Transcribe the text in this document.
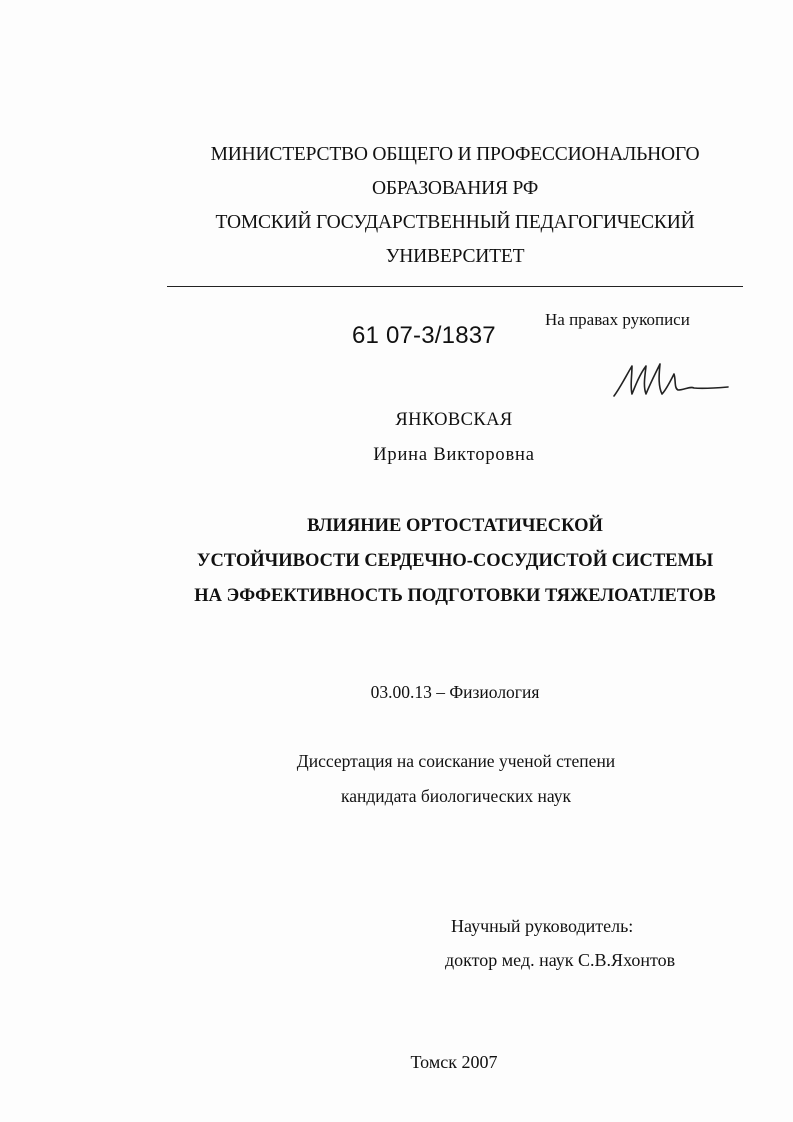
МИНИСТЕРСТВО ОБЩЕГО И ПРОФЕССИОНАЛЬНОГО
ОБРАЗОВАНИЯ РФ
ТОМСКИЙ ГОСУДАРСТВЕННЫЙ ПЕДАГОГИЧЕСКИЙ
УНИВЕРСИТЕТ
61 07-3/1837
На правах рукописи
ЯНКОВСКАЯ
Ирина Викторовна
ВЛИЯНИЕ ОРТОСТАТИЧЕСКОЙ
УСТОЙЧИВОСТИ СЕРДЕЧНО-СОСУДИСТОЙ СИСТЕМЫ
НА ЭФФЕКТИВНОСТЬ ПОДГОТОВКИ ТЯЖЕЛОАТЛЕТОВ
03.00.13 – Физиология
Диссертация на соискание ученой степени
кандидата биологических наук
Научный руководитель:
доктор мед. наук С.В.Яхонтов
Томск 2007
